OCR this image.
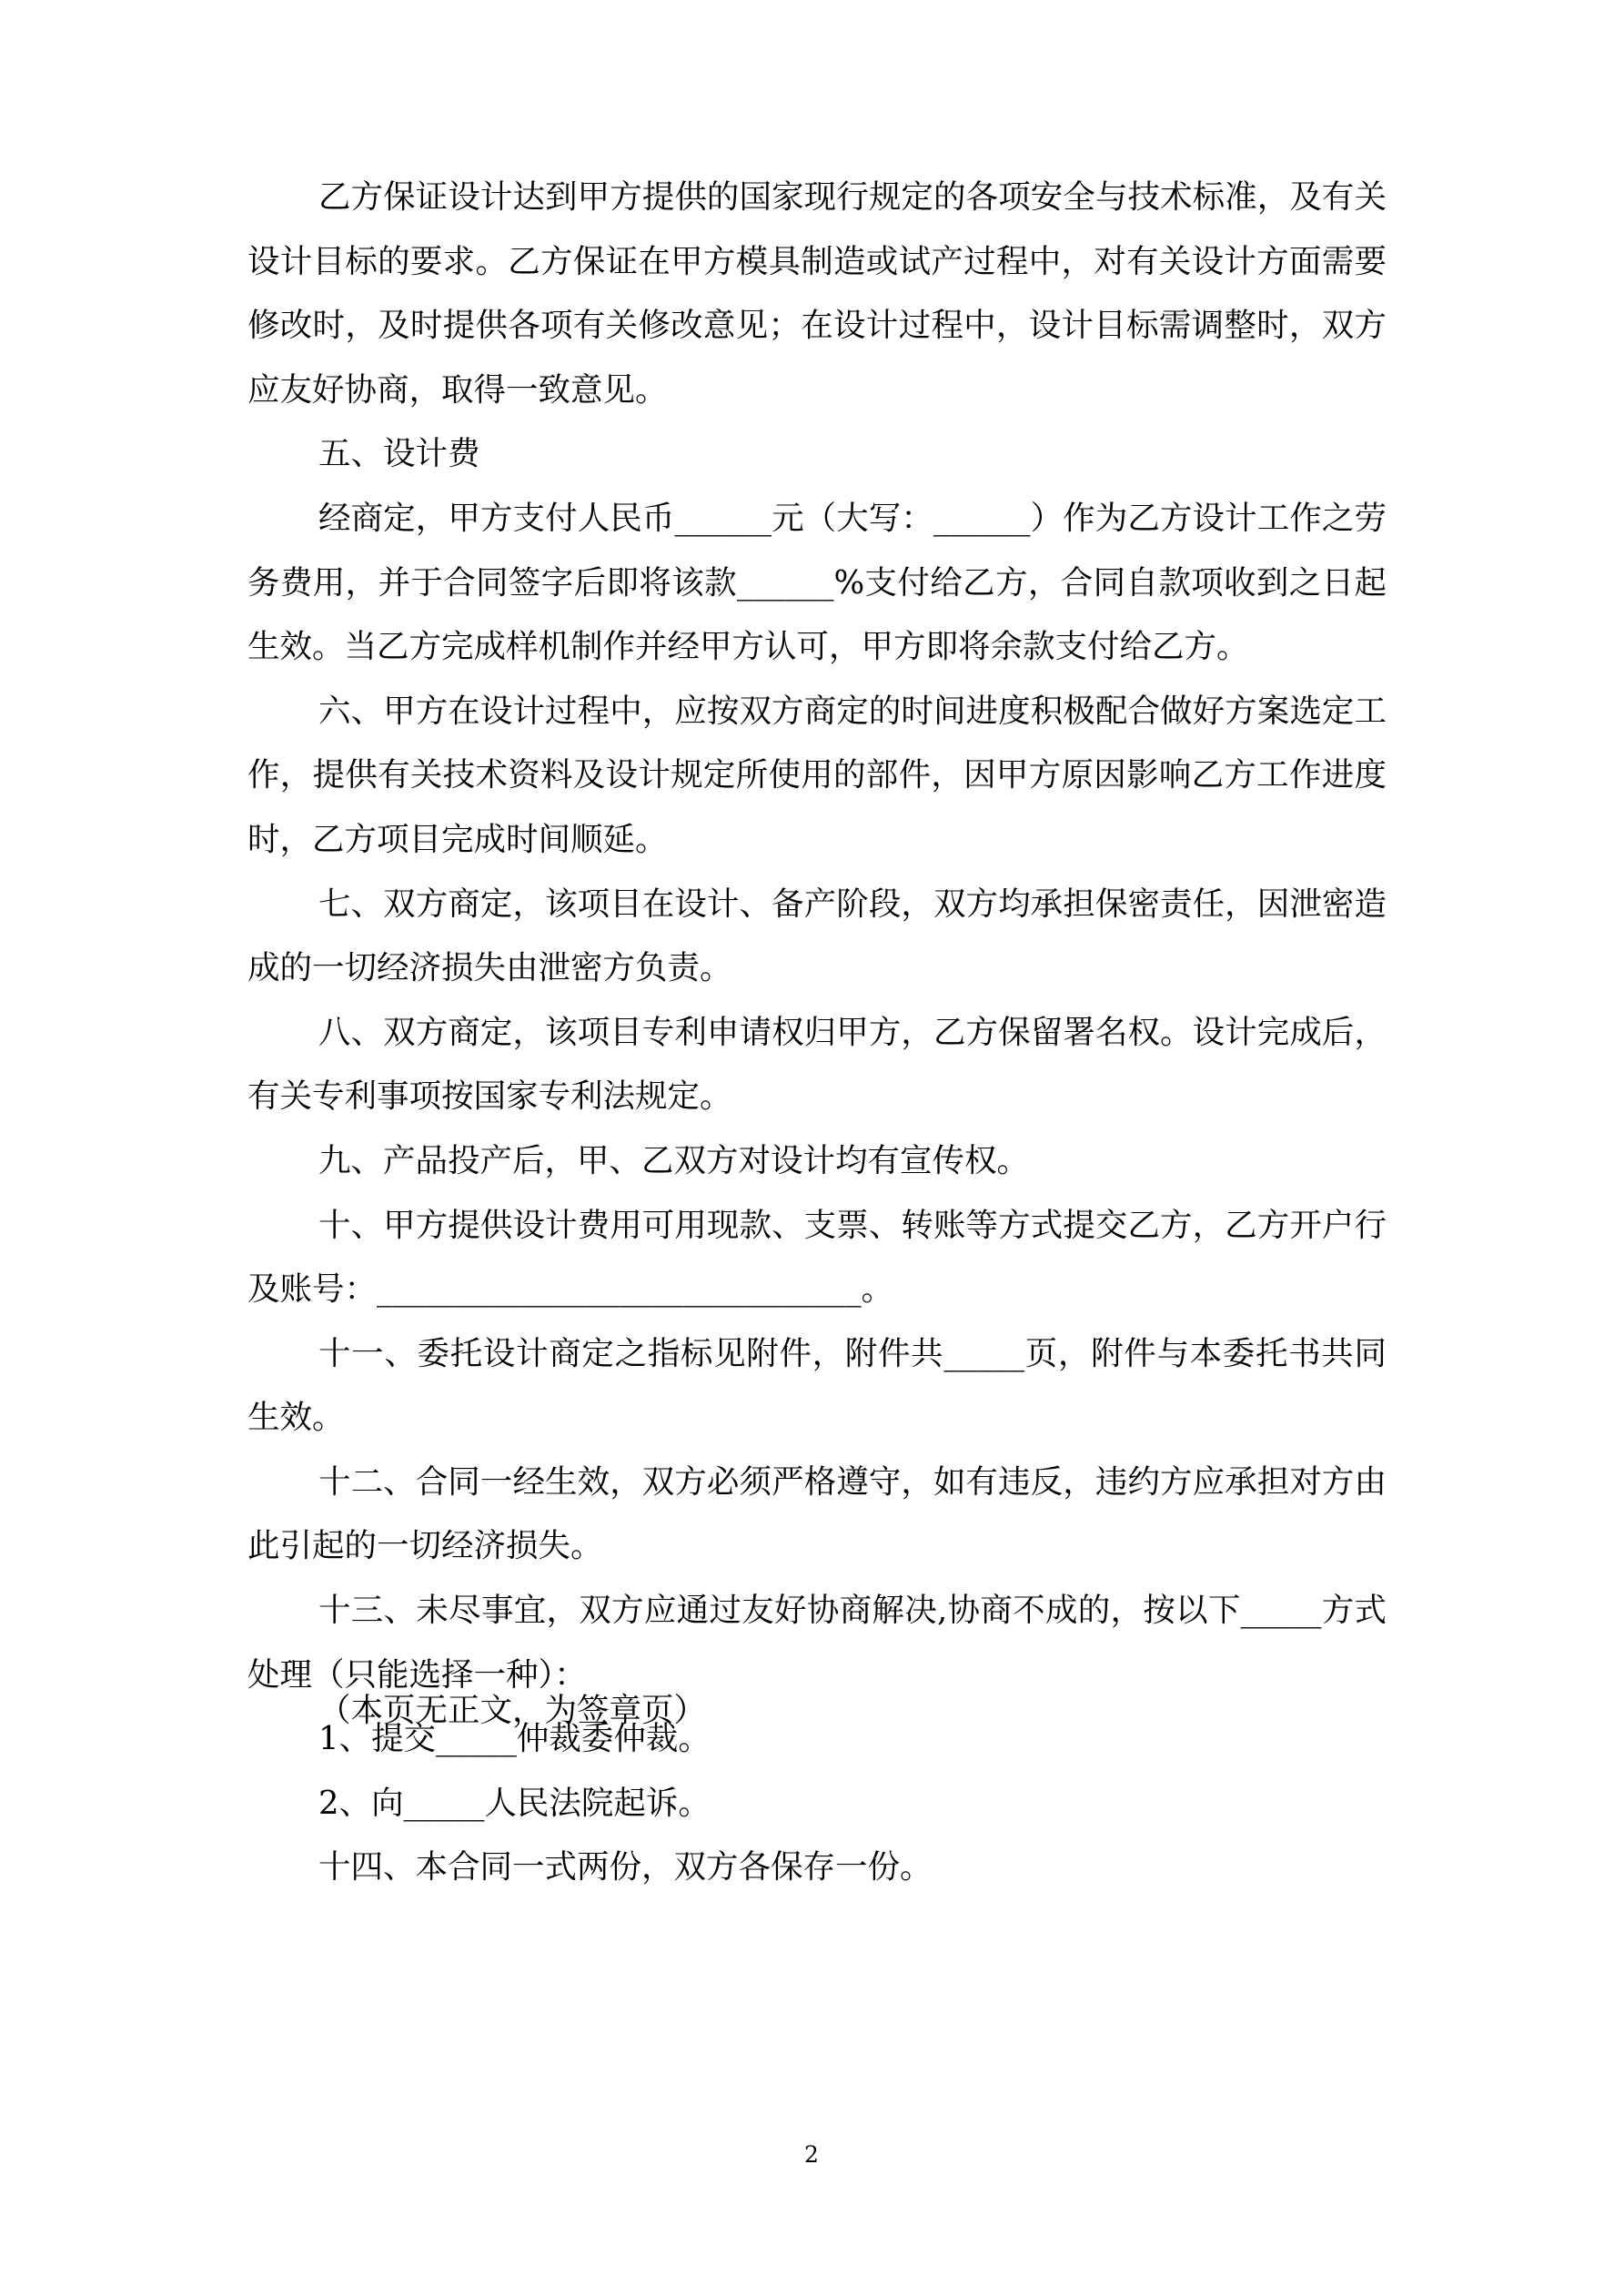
乙方保证设计达到甲方提供的国家现行规定的各项安全与技术标准，及有关
设计目标的要求。乙方保证在甲方模具制造或试产过程中，对有关设计方面需要
修改时，及时提供各项有关修改意见；在设计过程中，设计目标需调整时，双方
应友好协商，取得一致意见。
五、设计费
经商定，甲方支付人民币______元（大写：______）作为乙方设计工作之劳
务费用，并于合同签字后即将该款______%支付给乙方，合同自款项收到之日起
生效。当乙方完成样机制作并经甲方认可，甲方即将余款支付给乙方。
六、甲方在设计过程中，应按双方商定的时间进度积极配合做好方案选定工
作，提供有关技术资料及设计规定所使用的部件，因甲方原因影响乙方工作进度
时，乙方项目完成时间顺延。
七、双方商定，该项目在设计、备产阶段，双方均承担保密责任，因泄密造
成的一切经济损失由泄密方负责。
八、双方商定，该项目专利申请权归甲方，乙方保留署名权。设计完成后，
有关专利事项按国家专利法规定。
九、产品投产后，甲、乙双方对设计均有宣传权。
十、甲方提供设计费用可用现款、支票、转账等方式提交乙方，乙方开户行
及账号：______________________________。
十一、委托设计商定之指标见附件，附件共_____页，附件与本委托书共同
生效。
十二、合同一经生效，双方必须严格遵守，如有违反，违约方应承担对方由
此引起的一切经济损失。
十三、未尽事宜，双方应通过友好协商解决,协商不成的，按以下_____方式
处理（只能选择一种）：
1、提交_____仲裁委仲裁。
2、向_____人民法院起诉。
十四、本合同一式两份，双方各保存一份。
（本页无正文，为签章页）
2
